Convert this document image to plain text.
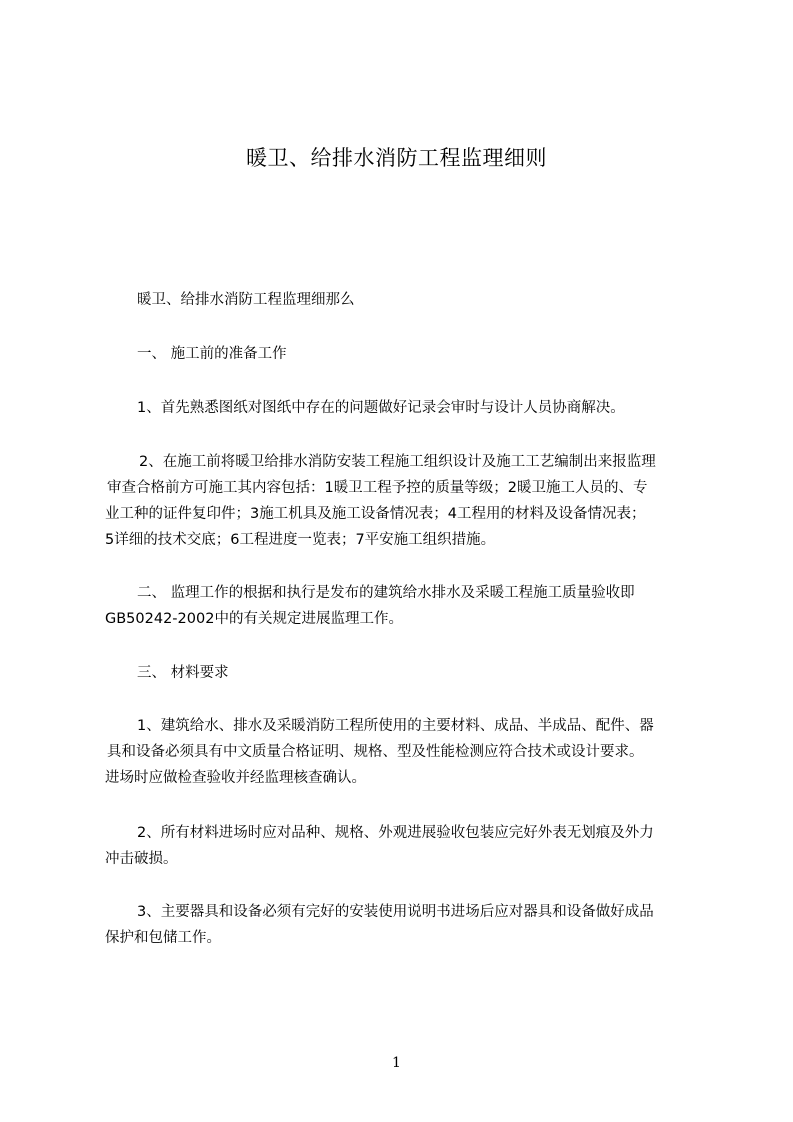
暖卫、给排水消防工程监理细则
暖卫、给排水消防工程监理细那么
一、 施工前的准备工作
1、首先熟悉图纸对图纸中存在的问题做好记录会审时与设计人员协商解决。
2、在施工前将暖卫给排水消防安装工程施工组织设计及施工工艺编制出来报监理
审查合格前方可施工其内容包括：1暖卫工程予控的质量等级；2暖卫施工人员的、专
业工种的证件复印件；3施工机具及施工设备情况表；4工程用的材料及设备情况表；
5详细的技术交底；6工程进度一览表；7平安施工组织措施。
二、 监理工作的根据和执行是发布的建筑给水排水及采暖工程施工质量验收即
GB50242-2002中的有关规定进展监理工作。
三、 材料要求
1、建筑给水、排水及采暖消防工程所使用的主要材料、成品、半成品、配件、器
具和设备必须具有中文质量合格证明、规格、型及性能检测应符合技术或设计要求。
进场时应做检查验收并经监理核查确认。
2、所有材料进场时应对品种、规格、外观进展验收包装应完好外表无划痕及外力
冲击破损。
3、主要器具和设备必须有完好的安装使用说明书进场后应对器具和设备做好成品
保护和包储工作。
1
